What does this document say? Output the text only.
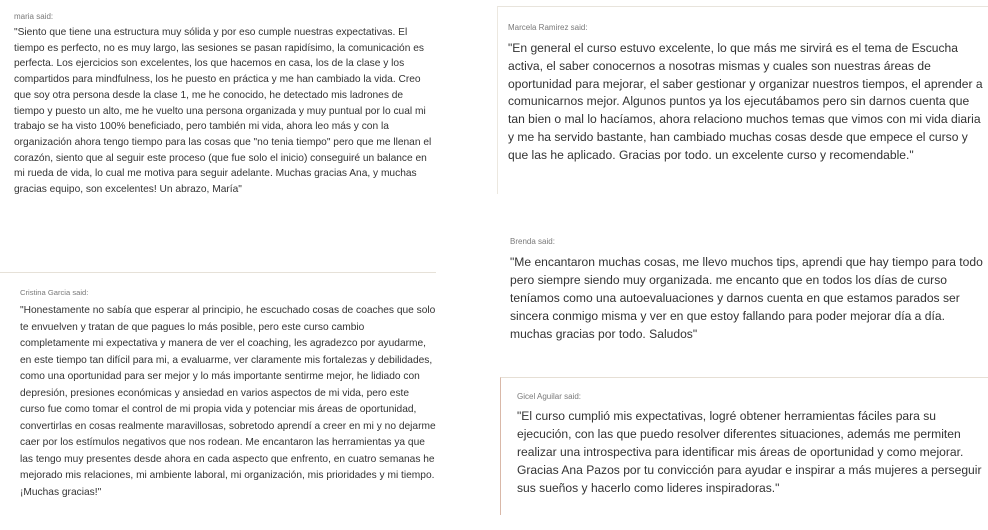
maria said:

"Siento que tiene una estructura muy sólida y por eso cumple nuestras expectativas. El tiempo es perfecto, no es muy largo, las sesiones se pasan rapidísimo, la comunicación es perfecta. Los ejercicios son excelentes, los que hacemos en casa, los de la clase y los compartidos para mindfulness, los he puesto en práctica y me han cambiado la vida. Creo que soy otra persona desde la clase 1, me he conocido, he detectado mis ladrones de tiempo y puesto un alto, me he vuelto una persona organizada y muy puntual por lo cual mi trabajo se ha visto 100% beneficiado, pero también mi vida, ahora leo más y con la organización ahora tengo tiempo para las cosas que "no tenia tiempo" pero que me llenan el corazón, siento que al seguir este proceso (que fue solo el inicio) conseguiré un balance en mi rueda de vida, lo cual me motiva para seguir adelante. Muchas gracias Ana, y muchas gracias equipo, son excelentes! Un abrazo, María"

Marcela Ramirez said:

"En general el curso estuvo excelente, lo que más me sirvirá es el tema de Escucha activa, el saber conocernos a nosotras mismas y cuales son nuestras áreas de oportunidad para mejorar, el saber gestionar y organizar nuestros tiempos, el aprender a comunicarnos mejor. Algunos puntos ya los ejecutábamos pero sin darnos cuenta que tan bien o mal lo hacíamos, ahora relaciono muchos temas que vimos con mi vida diaria y me ha servido bastante, han cambiado muchas cosas desde que empece el curso y que las he aplicado. Gracias por todo. un excelente curso y recomendable."

Cristina Garcia said:

"Honestamente no sabía que esperar al principio, he escuchado cosas de coaches que solo te envuelven y tratan de que pagues lo más posible, pero este curso cambio completamente mi expectativa y manera de ver el coaching, les agradezco por ayudarme, en este tiempo tan difícil para mi, a evaluarme, ver claramente mis fortalezas y debilidades, como una oportunidad para ser mejor y lo más importante sentirme mejor, he lidiado con depresión, presiones económicas y ansiedad en varios aspectos de mi vida, pero este curso fue como tomar el control de mi propia vida y potenciar mis áreas de oportunidad, convertirlas en cosas realmente maravillosas, sobretodo aprendí a creer en mi y no dejarme caer por los estímulos negativos que nos rodean. Me encantaron las herramientas ya que las tengo muy presentes desde ahora en cada aspecto que enfrento, en cuatro semanas he mejorado mis relaciones, mi ambiente laboral, mi organización, mis prioridades y mi tiempo. ¡Muchas gracias!"

Brenda said:

"Me encantaron muchas cosas, me llevo muchos tips, aprendi que hay tiempo para todo pero siempre siendo muy organizada. me encanto que en todos los días de curso teníamos como una autoevaluaciones y darnos cuenta en que estamos parados ser sincera conmigo misma y ver en que estoy fallando para poder mejorar día a día. muchas gracias por todo. Saludos"

Gicel Aguilar said:

"El curso cumplió mis expectativas, logré obtener herramientas fáciles para su ejecución, con las que puedo resolver diferentes situaciones, además me permiten realizar una introspectiva para identificar mis áreas de oportunidad y como mejorar. Gracias Ana Pazos por tu convicción para ayudar e inspirar a más mujeres a perseguir sus sueños y hacerlo como lideres inspiradoras."
